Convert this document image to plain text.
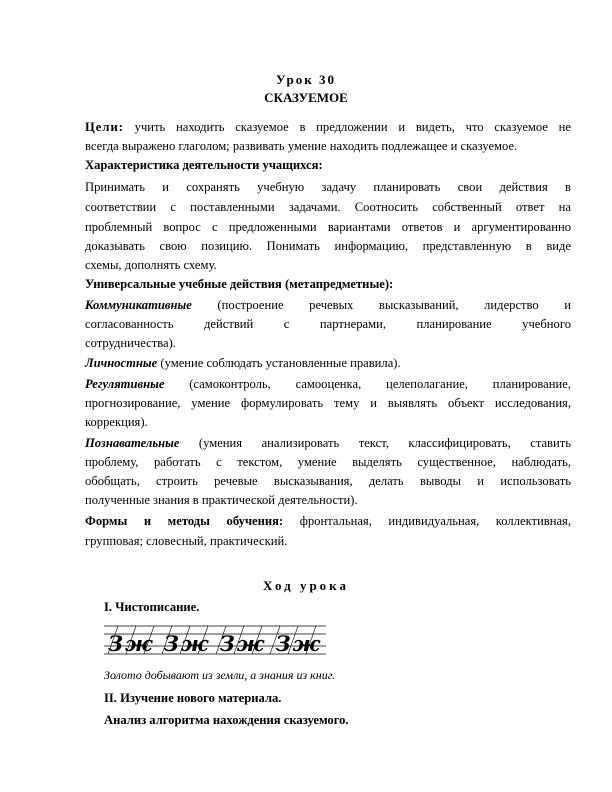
Урок 30
СКАЗУЕМОЕ
Цели: учить находить сказуемое в предложении и видеть, что сказуемое не
всегда выражено глаголом; развивать умение находить подлежащее и сказуемое.
Характеристика деятельности учащихся:
Принимать и сохранять учебную задачу планировать свои действия в
соответствии с поставленными задачами. Соотносить собственный ответ на
проблемный вопрос с предложенными вариантами ответов и аргументированно
доказывать свою позицию. Понимать информацию, представленную в виде
схемы, дополнять схему.
Универсальные учебные действия (метапредметные):
Коммуникативные (построение речевых высказываний, лидерство и
согласованность действий с партнерами, планирование учебного
сотрудничества).
Личностные (умение соблюдать установленные правила).
Регулятивные (самоконтроль, самооценка, целеполагание, планирование,
прогнозирование, умение формулировать тему и выявлять объект исследования,
коррекция).
Познавательные (умения анализировать текст, классифицировать, ставить
проблему, работать с текстом, умение выделять существенное, наблюдать,
обобщать, строить речевые высказывания, делать выводы и использовать
полученные знания в практической деятельности).
Формы и методы обучения: фронтальная, индивидуальная, коллективная,
групповая; словесный, практический.
Ход урока
I. Чистописание.
Зж Зж Зж Зж
Золото добывают из земли, а знания из книг.
II. Изучение нового материала.
Анализ алгоритма нахождения сказуемого.
